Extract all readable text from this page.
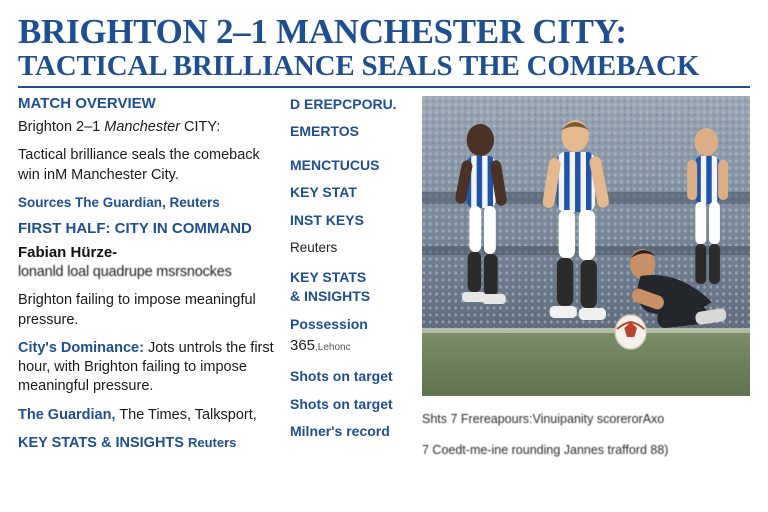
BRIGHTON 2–1 MANCHESTER CITY:
TACTICAL BRILLIANCE SEALS THE COMEBACK
MATCH OVERVIEW

Brighton 2–1 Manchester CITY:

Tactical brilliance seals the comeback win inM Manchester City.

Sources The Guardian, Reuters

FIRST HALF: CITY IN COMMAND
Fabian Hürze-

lonanld loal quadrupe msrsnockes

Brighton failing to impose meaningful pressure.

City's Dominance: Jots untrols the first hour, with Brighton failing to impose meaningful pressure.

The Guardian, The Times, Talksport,

KEY STATS & INSIGHTS Reuters

D EREPCPORU.
EMERTOS
MENCTUCUS
KEY STAT
INST KEYS
Reuters
KEY STATS
& INSIGHTS
Possession
365,Lehonc
Shots on target
Shots on target
Milner's record
Shts 7 Frereapours:Vinuipanity scorerorAxo
7 Coedt-me-ine rounding Jannes trafford 88)
